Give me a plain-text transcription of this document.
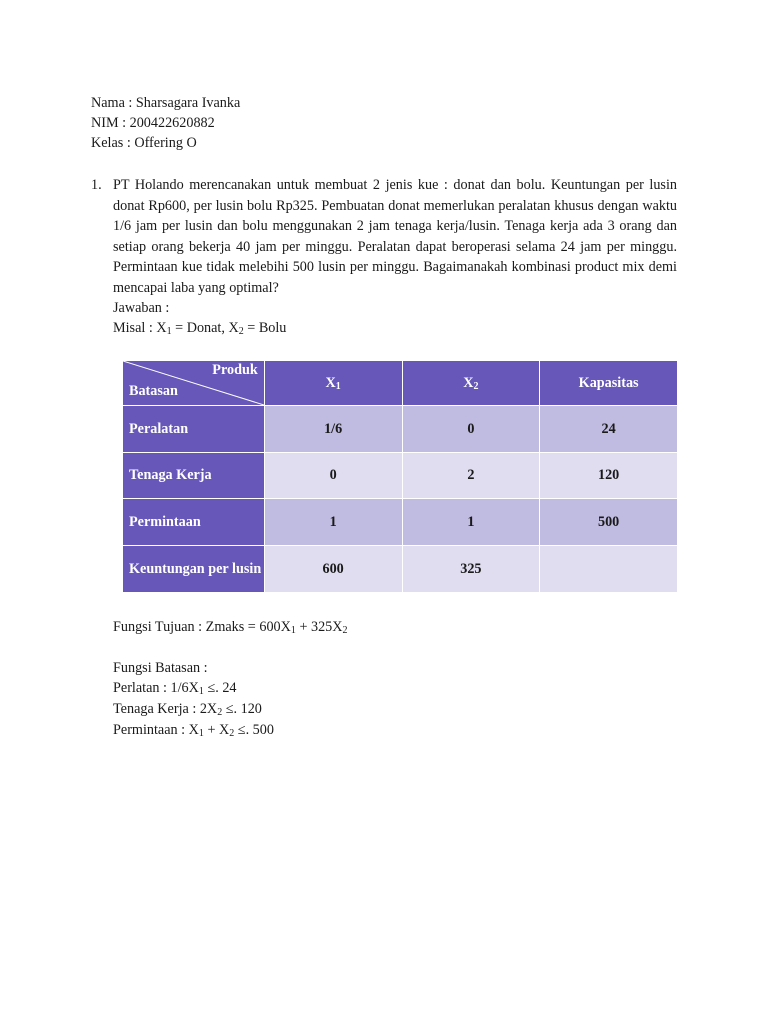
Nama : Sharsagara Ivanka
NIM : 200422620882
Kelas : Offering O
1. PT Holando merencanakan untuk membuat 2 jenis kue : donat dan bolu. Keuntungan per lusin donat Rp600, per lusin bolu Rp325. Pembuatan donat memerlukan peralatan khusus dengan waktu 1/6 jam per lusin dan bolu menggunakan 2 jam tenaga kerja/lusin. Tenaga kerja ada 3 orang dan setiap orang bekerja 40 jam per minggu. Peralatan dapat beroperasi selama 24 jam per minggu. Permintaan kue tidak melebihi 500 lusin per minggu. Bagaimanakah kombinasi product mix demi mencapai laba yang optimal?
Jawaban :
Misal : $X_1$ = Donat, $X_2$ = Bolu
Produk
Batasan	$X_1$	$X_2$	Kapasitas
Peralatan	1/6	0	24
Tenaga Kerja	0	2	120
Permintaan	1	1	500
Keuntungan per lusin	600	325	
Fungsi Tujuan : Zmaks = $600X_1 + 325X_2$
Fungsi Batasan :
Perlatan : $1/6X_1$ ≤. 24
Tenaga Kerja : $2X_2$ ≤. 120
Permintaan : $X_1 + X_2$ ≤. 500
